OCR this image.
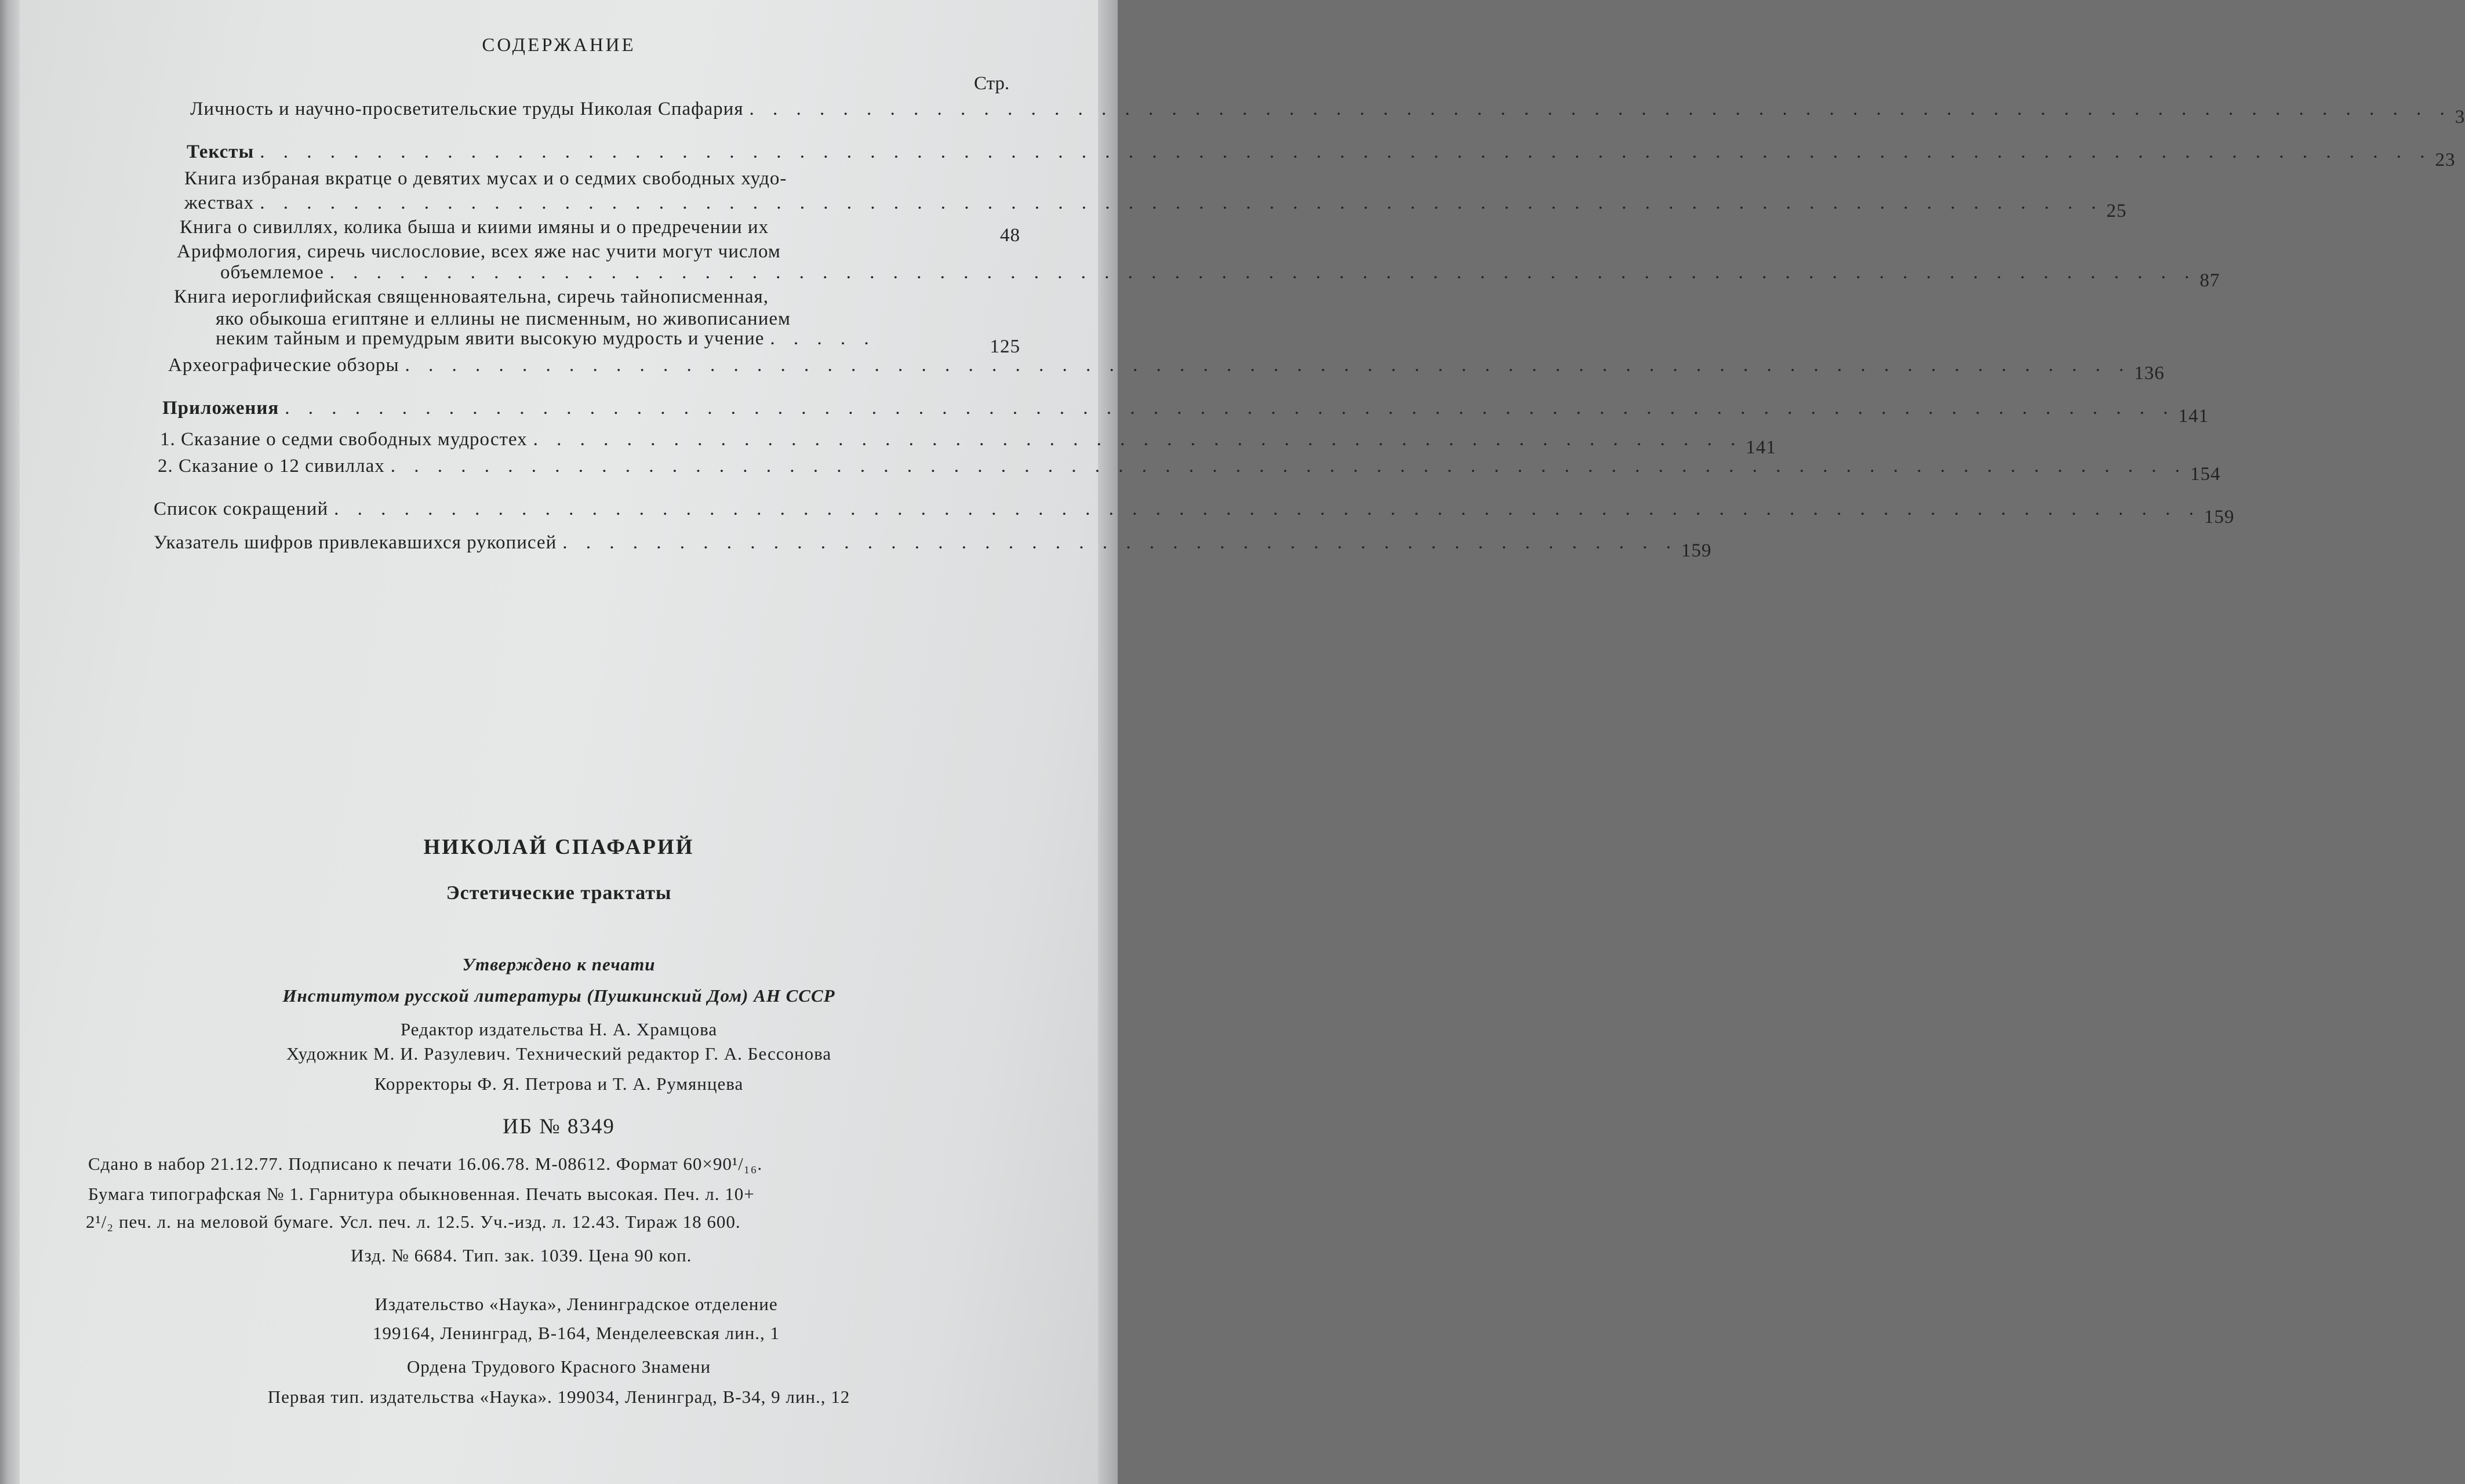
СОДЕРЖАНИЕ
Стр.
Личность и научно-просветительские труды Николая Спафария . . . . . . . . . . . . . . . . . . . . . . . . . . . . . . . . . . . . . . . . . . . . . . . . . . . . . . . . . . . . . . . . . . . . . . . . . 3
Тексты . . . . . . . . . . . . . . . . . . . . . . . . . . . . . . . . . . . . . . . . . . . . . . . . . . . . . . . . . . . . . . . . . . . . . . . . . . . . . . . . . . . . . . . . . . . . . 23
Книга избраная вкратце о девятих мусах и о седмих свободных худо-
жествах . . . . . . . . . . . . . . . . . . . . . . . . . . . . . . . . . . . . . . . . . . . . . . . . . . . . . . . . . . . . . . . . . . . . . . . . . . . . . . . 25
Книга о сивиллях, колика быша и киими имяны и о предречении их	48
Арифмология, сиречь числословие, всех яже нас учити могут числом
объемлемое . . . . . . . . . . . . . . . . . . . . . . . . . . . . . . . . . . . . . . . . . . . . . . . . . . . . . . . . . . . . . . . . . . . . . . . . . . . . . . . . 87
Книга иероглифийская священноваятельна, сиречь тайнописменная,
яко обыкоша египтяне и еллины не писменным, но живописанием
неким тайным и премудрым явити высокую мудрость и учение . . . . .	125
Археографические обзоры . . . . . . . . . . . . . . . . . . . . . . . . . . . . . . . . . . . . . . . . . . . . . . . . . . . . . . . . . . . . . . . . . . . . . . . . . . 136
Приложения . . . . . . . . . . . . . . . . . . . . . . . . . . . . . . . . . . . . . . . . . . . . . . . . . . . . . . . . . . . . . . . . . . . . . . . . . . . . . . . . . 141
1. Сказание о седми свободных мудростех . . . . . . . . . . . . . . . . . . . . . . . . . . . . . . . . . . . . . . . . . . . . . . . . . . . . 141
2. Сказание о 12 сивиллах . . . . . . . . . . . . . . . . . . . . . . . . . . . . . . . . . . . . . . . . . . . . . . . . . . . . . . . . . . . . . . . . . . . . . . . . . . . . . 154
Список сокращений . . . . . . . . . . . . . . . . . . . . . . . . . . . . . . . . . . . . . . . . . . . . . . . . . . . . . . . . . . . . . . . . . . . . . . . . . . . . . . . . 159
Указатель шифров привлекавшихся рукописей . . . . . . . . . . . . . . . . . . . . . . . . . . . . . . . . . . . . . . . . . . . . . . . . 159
НИКОЛАЙ СПАФАРИЙ
Эстетические трактаты
Утверждено к печати
Институтом русской литературы (Пушкинский Дом) АН СССР
Редактор издательства Н. А. Храмцова
Художник М. И. Разулевич. Технический редактор Г. А. Бессонова
Корректоры Ф. Я. Петрова и Т. А. Румянцева
ИБ № 8349
Сдано в набор 21.12.77. Подписано к печати 16.06.78. М-08612. Формат 60×90¹/₁₆.
Бумага типографская № 1. Гарнитура обыкновенная. Печать высокая. Печ. л. 10+
2¹/₂ печ. л. на меловой бумаге. Усл. печ. л. 12.5. Уч.-изд. л. 12.43. Тираж 18 600.
Изд. № 6684. Тип. зак. 1039. Цена 90 коп.
Издательство «Наука», Ленинградское отделение
199164, Ленинград, В-164, Менделеевская лин., 1
Ордена Трудового Красного Знамени
Первая тип. издательства «Наука». 199034, Ленинград, В-34, 9 лин., 12
